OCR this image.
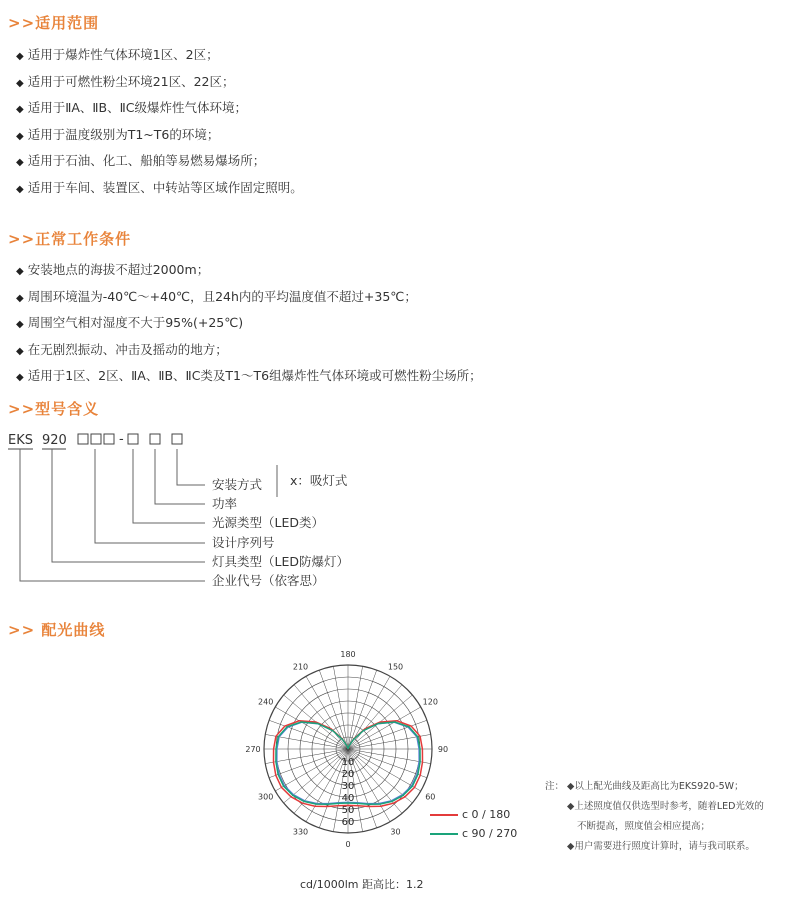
>>适用范围
◆ 适用于爆炸性气体环境1区、2区；
◆ 适用于可燃性粉尘环境21区、22区；
◆ 适用于ⅡA、ⅡB、ⅡC级爆炸性气体环境；
◆ 适用于温度级别为T1~T6的环境；
◆ 适用于石油、化工、船舶等易燃易爆场所；
◆ 适用于车间、装置区、中转站等区域作固定照明。
>>正常工作条件
◆ 安装地点的海拔不超过2000m；
◆ 周围环境温为-40℃～+40℃，且24h内的平均温度值不超过+35℃；
◆ 周围空气相对湿度不大于95%(+25℃)
◆ 在无剧烈振动、冲击及摇动的地方；
◆ 适用于1区、2区、ⅡA、ⅡB、ⅡC类及T1～T6组爆炸性气体环境或可燃性粉尘场所；
>>型号含义
EKS 920	-
安装方式
功率
光源类型（LED类）
设计序列号
灯具类型（LED防爆灯）
企业代号（依客思）
x：吸灯式
>> 配光曲线
180
150
120
90
60
30
0
330
300
270
240
210
10
20
30
40
50
60
c 0 / 180
c 90 / 270
注： ◆以上配光曲线及距高比为EKS920-5W；
◆上述照度值仅供选型时参考，随着LED光效的
不断提高，照度值会相应提高；
◆用户需要进行照度计算时，请与我司联系。
cd/1000lm 距高比：1.2
